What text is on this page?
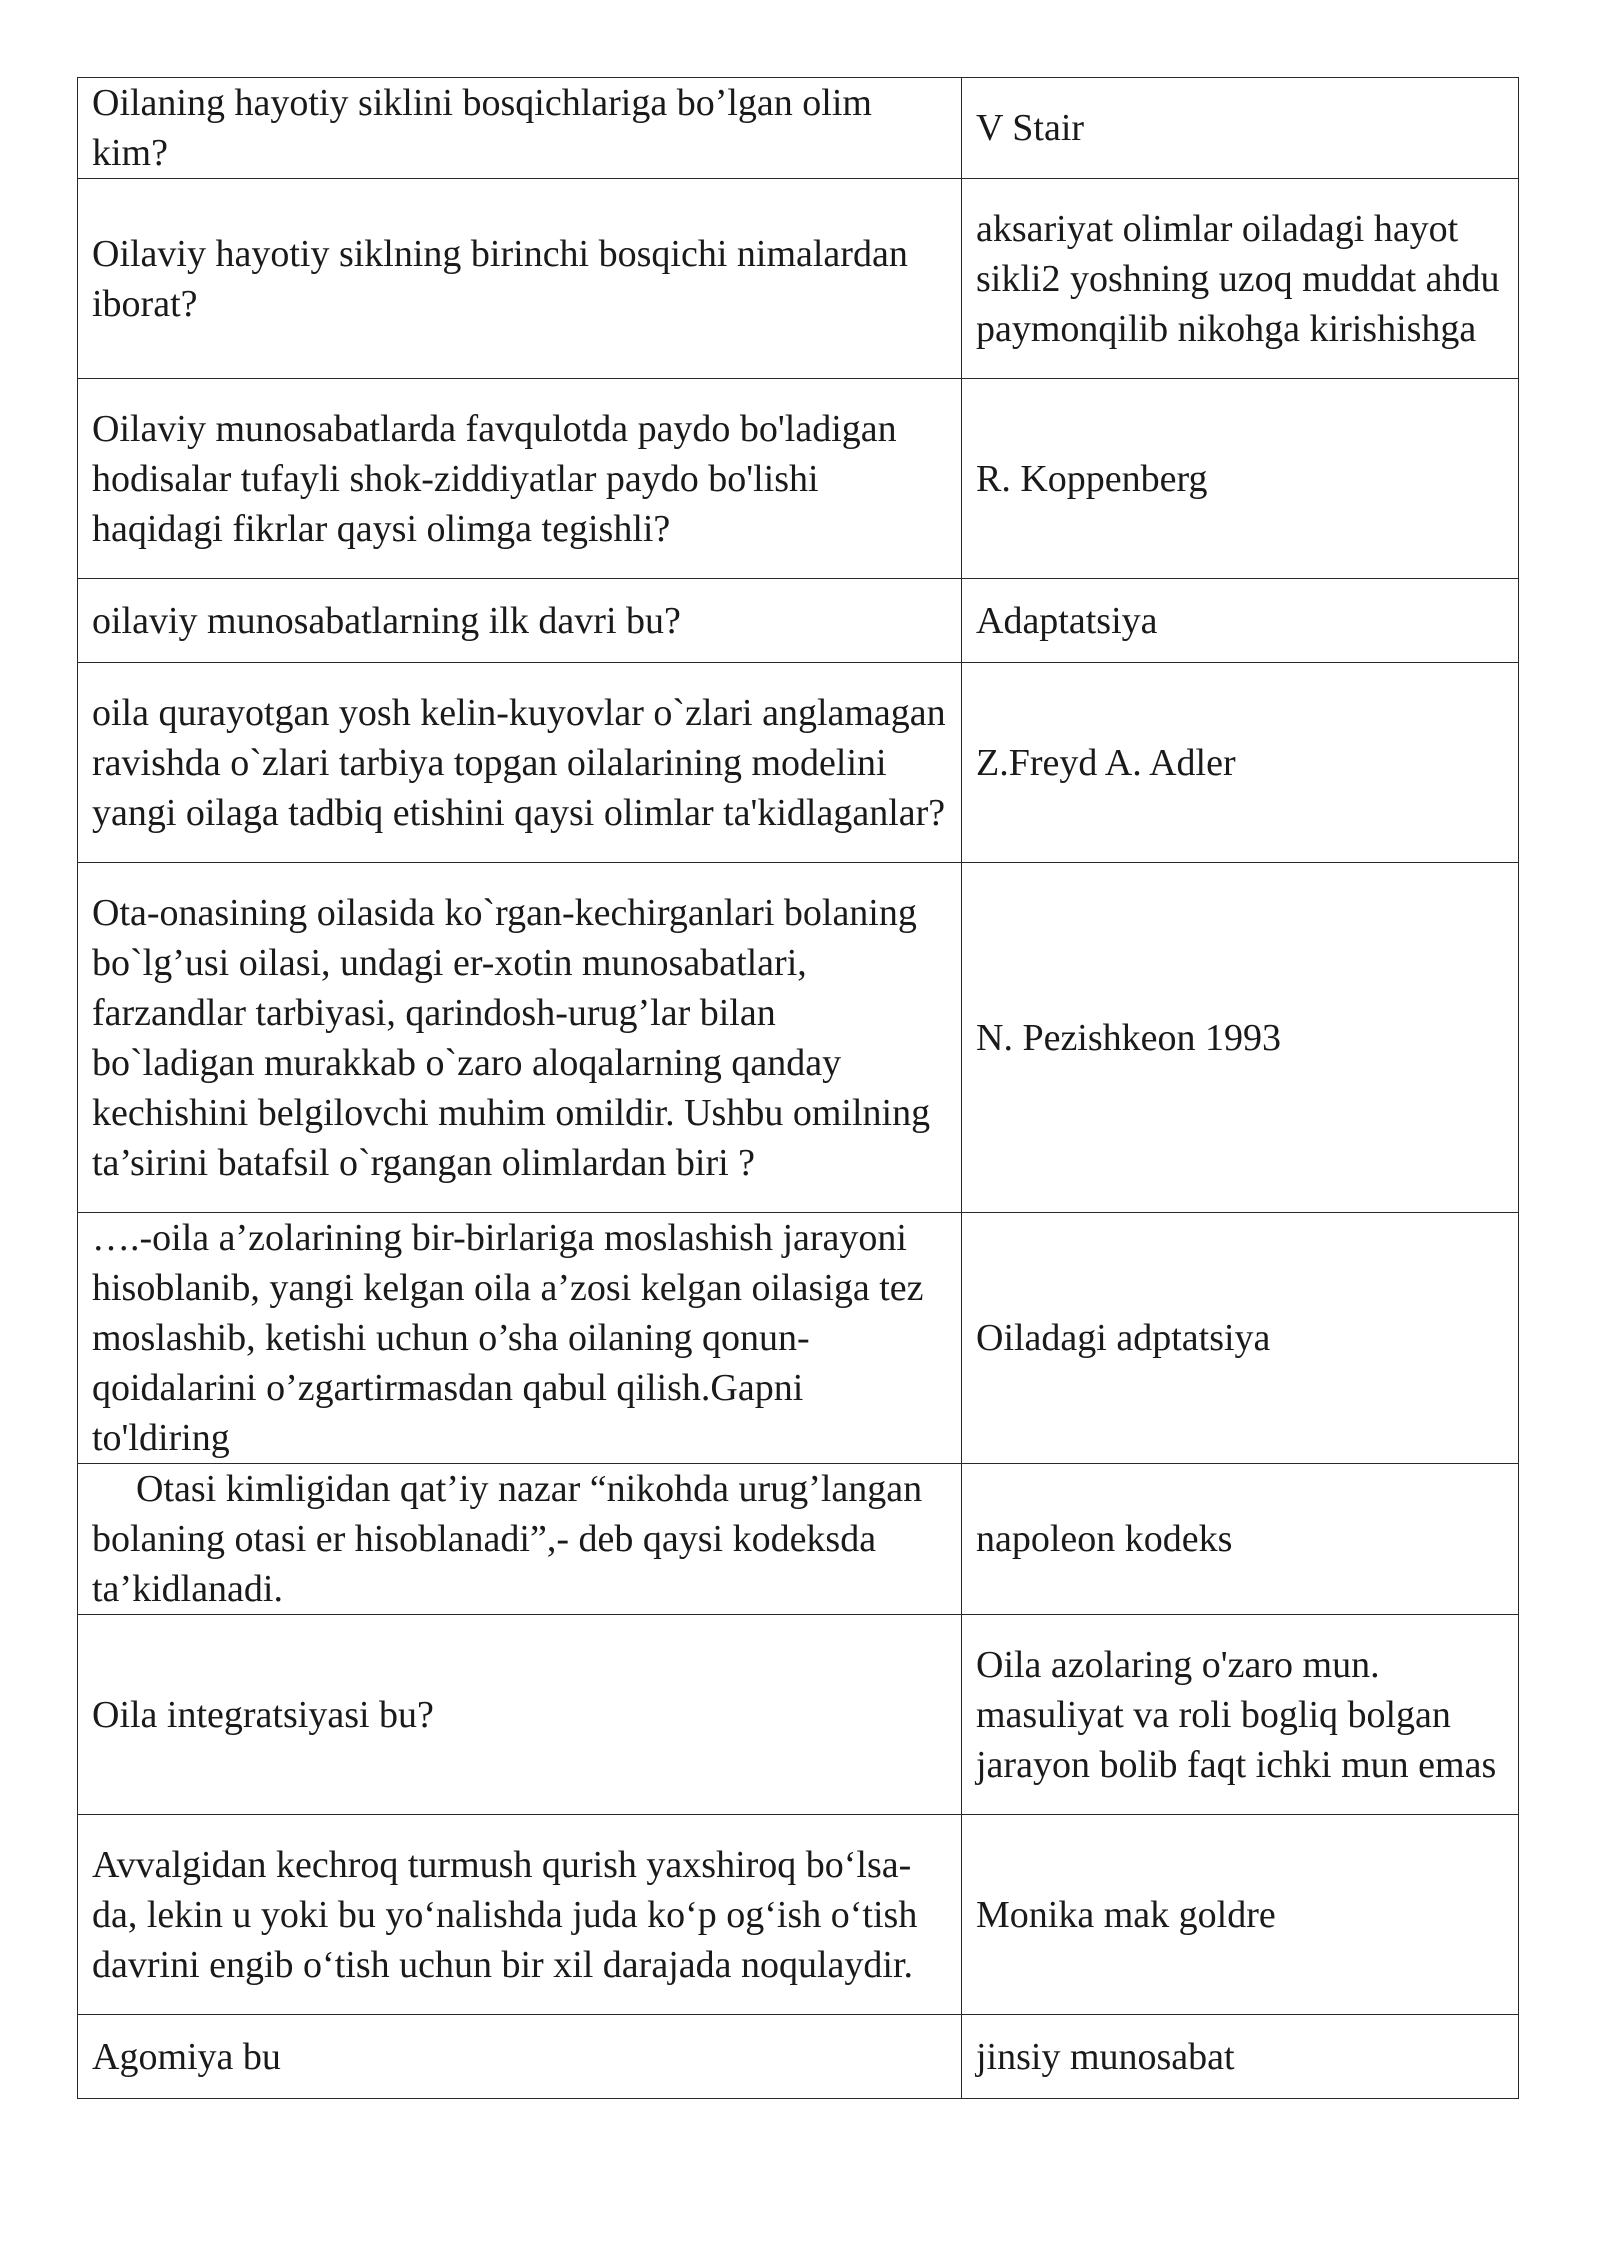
Oilaning hayotiy siklini bosqichlariga bo’lgan olim kim?	V Stair
Oilaviy hayotiy siklning birinchi bosqichi nimalardan iborat?	aksariyat olimlar oiladagi hayot sikli2 yoshning uzoq muddat ahdu paymonqilib nikohga kirishishga
Oilaviy munosabatlarda favqulotda paydo bo'ladigan hodisalar tufayli shok-ziddiyatlar paydo bo'lishi haqidagi fikrlar qaysi olimga tegishli?	R. Koppenberg
oilaviy munosabatlarning ilk davri bu?	Adaptatsiya
oila qurayotgan yosh kelin-kuyovlar o`zlari anglamagan ravishda o`zlari tarbiya topgan oilalarining modelini yangi oilaga tadbiq etishini qaysi olimlar ta'kidlaganlar?	Z.Freyd A. Adler
Ota-onasining oilasida ko`rgan-kechirganlari bolaning bo`lg’usi oilasi, undagi er-xotin munosabatlari, farzandlar tarbiyasi, qarindosh-urug’lar bilan bo`ladigan murakkab o`zaro aloqalarning qanday kechishini belgilovchi muhim omildir. Ushbu omilning ta’sirini batafsil o`rgangan olimlardan biri ?	N. Pezishkeon 1993
….-oila a’zolarining bir-birlariga moslashish jarayoni hisoblanib, yangi kelgan oila a’zosi kelgan oilasiga tez moslashib, ketishi uchun o’sha oilaning qonun-qoidalarini o’zgartirmasdan qabul qilish.Gapni to'ldiring	Oiladagi adptatsiya
Otasi kimligidan qat’iy nazar “nikohda urug’langan bolaning otasi er hisoblanadi”,- deb qaysi kodeksda ta’kidlanadi.	napoleon kodeks
Oila integratsiyasi bu?	Oila azolaring o'zaro mun. masuliyat va roli bogliq bolgan jarayon bolib faqt ichki mun emas
Avvalgidan kechroq turmush qurish yaxshiroq bo‘lsa-da, lekin u yoki bu yo‘nalishda juda ko‘p og‘ish o‘tish davrini engib o‘tish uchun bir xil darajada noqulaydir.	Monika mak goldre
Agomiya bu	jinsiy munosabat
